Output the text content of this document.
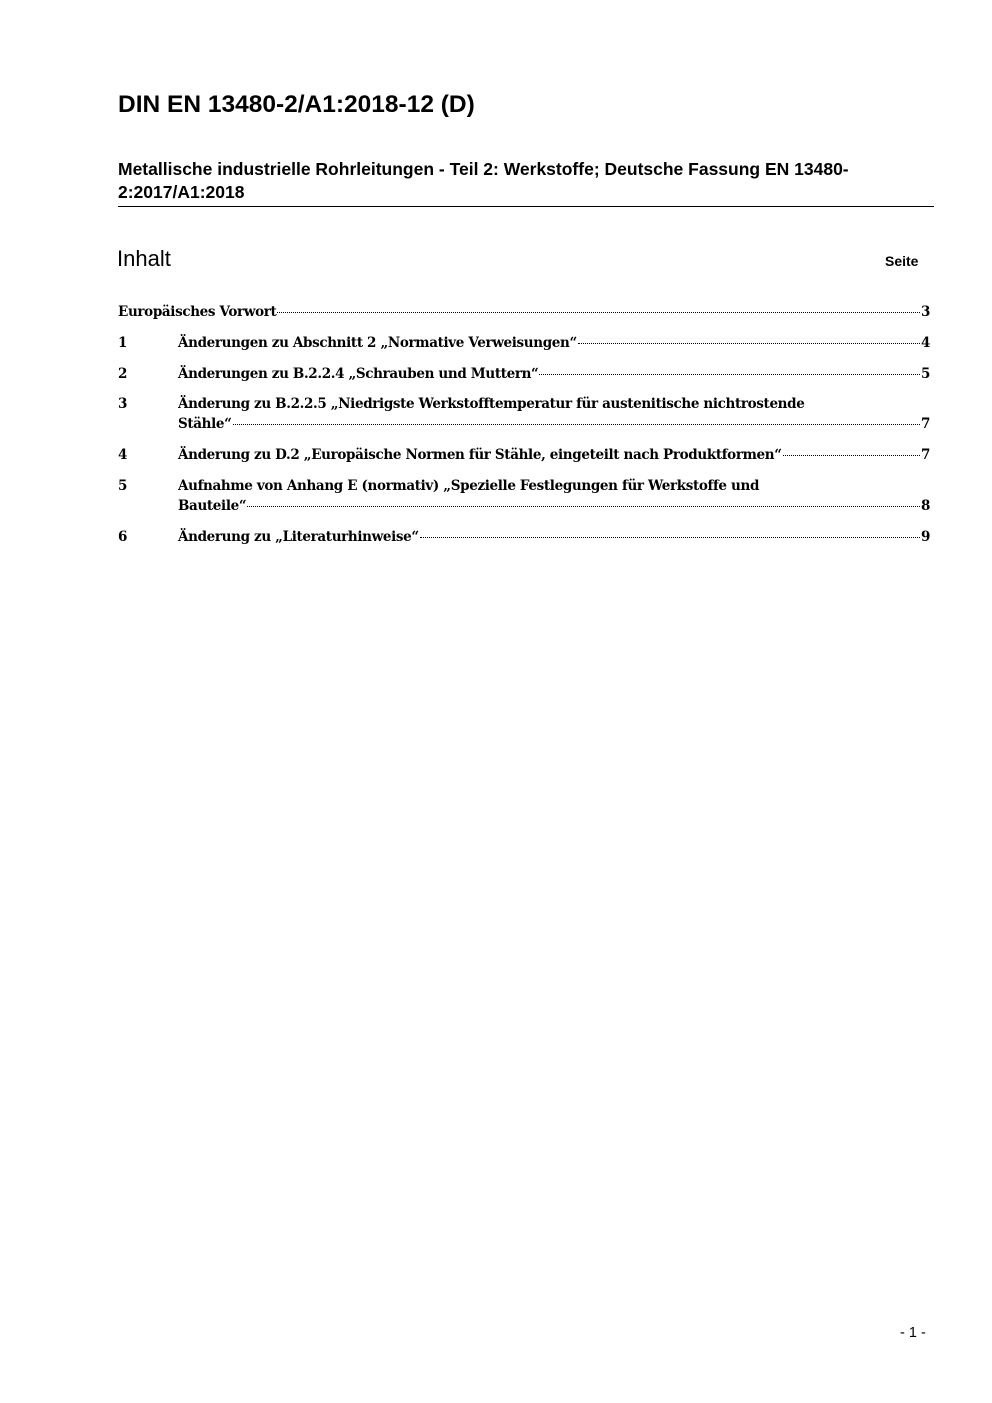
DIN EN 13480-2/A1:2018-12 (D)

Metallische industrielle Rohrleitungen - Teil 2: Werkstoffe; Deutsche Fassung EN 13480-2:2017/A1:2018

Inhalt	Seite
Europäisches Vorwort	3
1	Änderungen zu Abschnitt 2 „Normative Verweisungen“	4
2	Änderungen zu B.2.2.4 „Schrauben und Muttern“	5
3	Änderung zu B.2.2.5 „Niedrigste Werkstofftemperatur für austenitische nichtrostende
Stähle“	7
4	Änderung zu D.2 „Europäische Normen für Stähle, eingeteilt nach Produktformen“	7
5	Aufnahme von Anhang E (normativ) „Spezielle Festlegungen für Werkstoffe und
Bauteile“	8
6	Änderung zu „Literaturhinweise“	9
- 1 -
